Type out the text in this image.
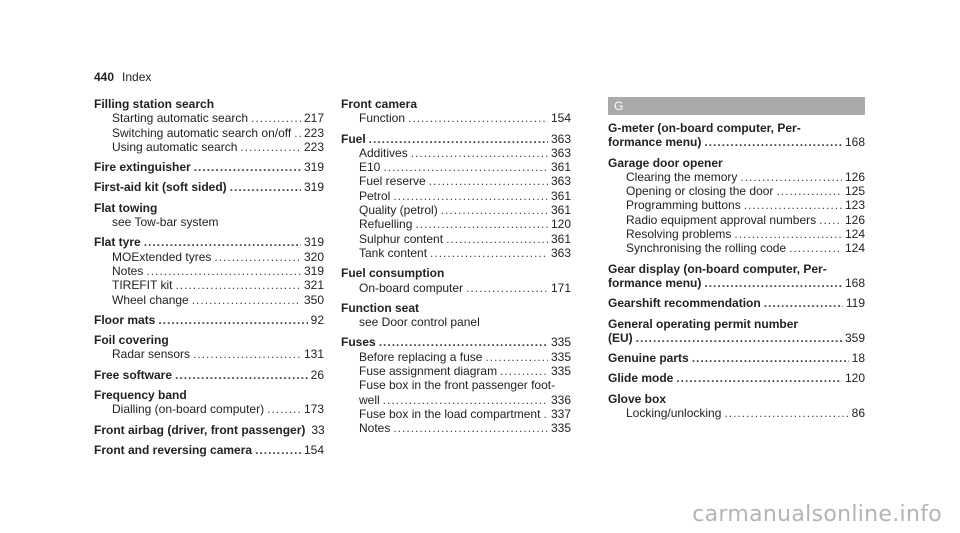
440 Index
Filling station search
Starting automatic search .....	217
Switching automatic search on/off ..... 223
Using automatic search .....	223
Fire extinguisher .....	319
First-aid kit (soft sided) .....	319
Flat towing
see Tow-bar system
Flat tyre .....	319
MOExtended tyres .....	320
Notes .....	319
TIREFIT kit .....	321
Wheel change .....	350
Floor mats .....	92
Foil covering
Radar sensors .....	131
Free software .....	26
Frequency band
Dialling (on-board computer) .....	173
Front airbag (driver, front passenger) 33
Front and reversing camera .....	154
Front camera
Function .....	154
Fuel .....	363
Additives .....	363
E10 .....	361
Fuel reserve .....	363
Petrol .....	361
Quality (petrol) .....	361
Refuelling .....	120
Sulphur content .....	361
Tank content .....	363
Fuel consumption
On-board computer .....	171
Function seat
see Door control panel
Fuses .....	335
Before replacing a fuse .....	335
Fuse assignment diagram .....	335
Fuse box in the front passenger foot-
well .....	336
Fuse box in the load compartment ..... 337
Notes .....	335
G
G-meter (on-board computer, Per-
formance menu) .....	168
Garage door opener
Clearing the memory .....	126
Opening or closing the door .....	125
Programming buttons .....	123
Radio equipment approval numbers ..... 126
Resolving problems .....	124
Synchronising the rolling code .....	124
Gear display (on-board computer, Per-
formance menu) .....	168
Gearshift recommendation .....	119
General operating permit number
(EU) .....	359
Genuine parts .....	18
Glide mode .....	120
Glove box
Locking/unlocking .....	86
carmanualsonline.info
